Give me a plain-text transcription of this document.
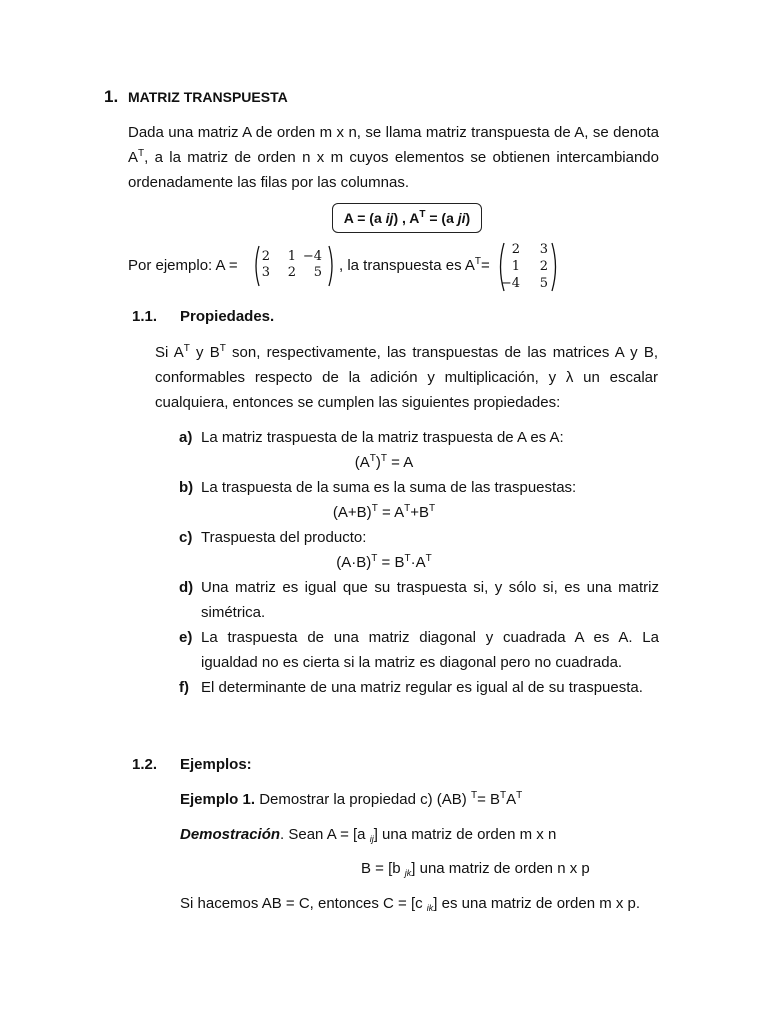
1. MATRIZ TRANSPUESTA
Dada una matriz A de orden m x n, se llama matriz transpuesta de A, se denota
$A^T$, a la matriz de orden n x m cuyos elementos se obtienen intercambiando
ordenadamente las filas por las columnas.
A = (a ij) , $A^T = (a$ ji)
Por ejemplo: A =
2	1 −4
3	2	5 , la transpuesta es $A^T=$
2	3
1	2
−4	5
1.1. Propiedades.
Si $A^T$ y $B^T$ son, respectivamente, las transpuestas de las matrices A y B,
conformables respecto de la adición y multiplicación, y λ un escalar
cualquiera, entonces se cumplen las siguientes propiedades:
a) La matriz traspuesta de la matriz traspuesta de A es A:
$(A^T)^T = A$
b) La traspuesta de la suma es la suma de las traspuestas:
$(A+B)^T = A^T+B^T$
c) Traspuesta del producto:
$(A\cdot B)^T = B^T\cdot A^T$
d) Una matriz es igual que su traspuesta si, y sólo si, es una matriz
simétrica.
e) La traspuesta de una matriz diagonal y cuadrada A es A. La
igualdad no es cierta si la matriz es diagonal pero no cuadrada.
f) El determinante de una matriz regular es igual al de su traspuesta.
1.2. Ejemplos:
Ejemplo 1. Demostrar la propiedad c) (AB) $^T= B^TA^T$
Demostración. Sean A = [a $_{ij}$] una matriz de orden m x n
B = [b $_{jk}$] una matriz de orden n x p
Si hacemos AB = C, entonces C = [c $_{ik}$] es una matriz de orden m x p.
